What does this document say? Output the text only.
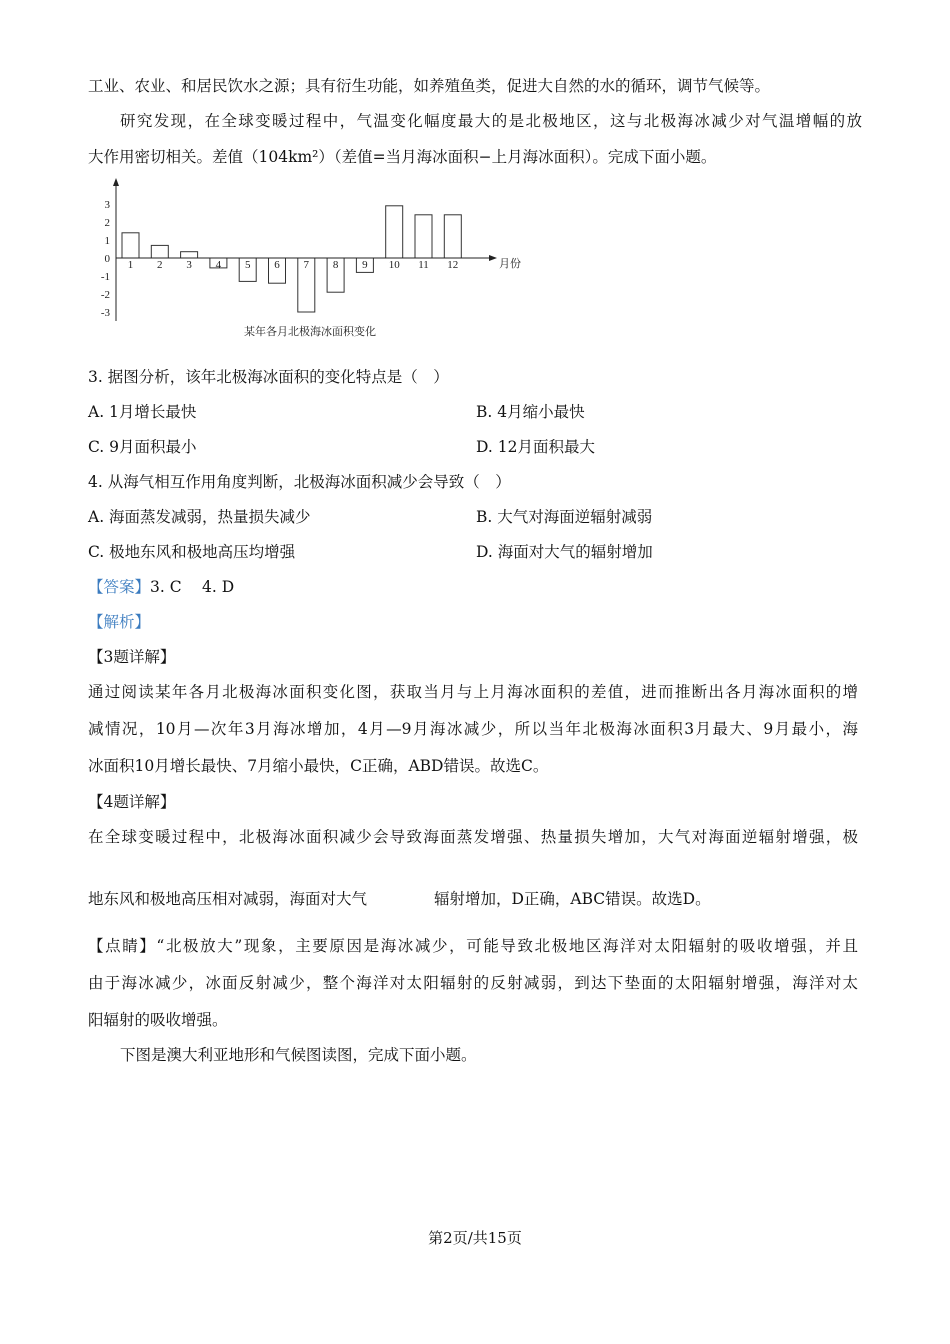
工业、农业、和居民饮水之源；具有衍生功能，如养殖鱼类，促进大自然的水的循环，调节气候等。
研究发现，在全球变暖过程中，气温变化幅度最大的是北极地区，这与北极海冰减少对气温增幅的放
大作用密切相关。差值（104km²）（差值=当月海冰面积−上月海冰面积）。完成下面小题。
3
2
1
0
-1
-2
-3
1 2 3 4 5 6 7 8 9 10 11 12	月份
某年各月北极海冰面积变化
3. 据图分析，该年北极海冰面积的变化特点是（　）
A. 1月增长最快	B. 4月缩小最快
C. 9月面积最小	D. 12月面积最大
4. 从海气相互作用角度判断，北极海冰面积减少会导致（　）
A. 海面蒸发减弱，热量损失减少	B. 大气对海面逆辐射减弱
C. 极地东风和极地高压均增强	D. 海面对大气的辐射增加
【答案】3. C　 4. D
【解析】
【3题详解】
通过阅读某年各月北极海冰面积变化图，获取当月与上月海冰面积的差值，进而推断出各月海冰面积的增
减情况，10月—次年3月海冰增加，4月—9月海冰减少，所以当年北极海冰面积3月最大、9月最小，海
冰面积10月增长最快、7月缩小最快，C正确，ABD错误。故选C。
【4题详解】
在全球变暖过程中，北极海冰面积减少会导致海面蒸发增强、热量损失增加，大气对海面逆辐射增强，极
地东风和极地高压相对减弱，海面对大气	辐射增加，D正确，ABC错误。故选D。
【点睛】“北极放大”现象，主要原因是海冰减少，可能导致北极地区海洋对太阳辐射的吸收增强，并且
由于海冰减少，冰面反射减少，整个海洋对太阳辐射的反射减弱，到达下垫面的太阳辐射增强，海洋对太
阳辐射的吸收增强。
下图是澳大利亚地形和气候图读图，完成下面小题。
第2页/共15页
